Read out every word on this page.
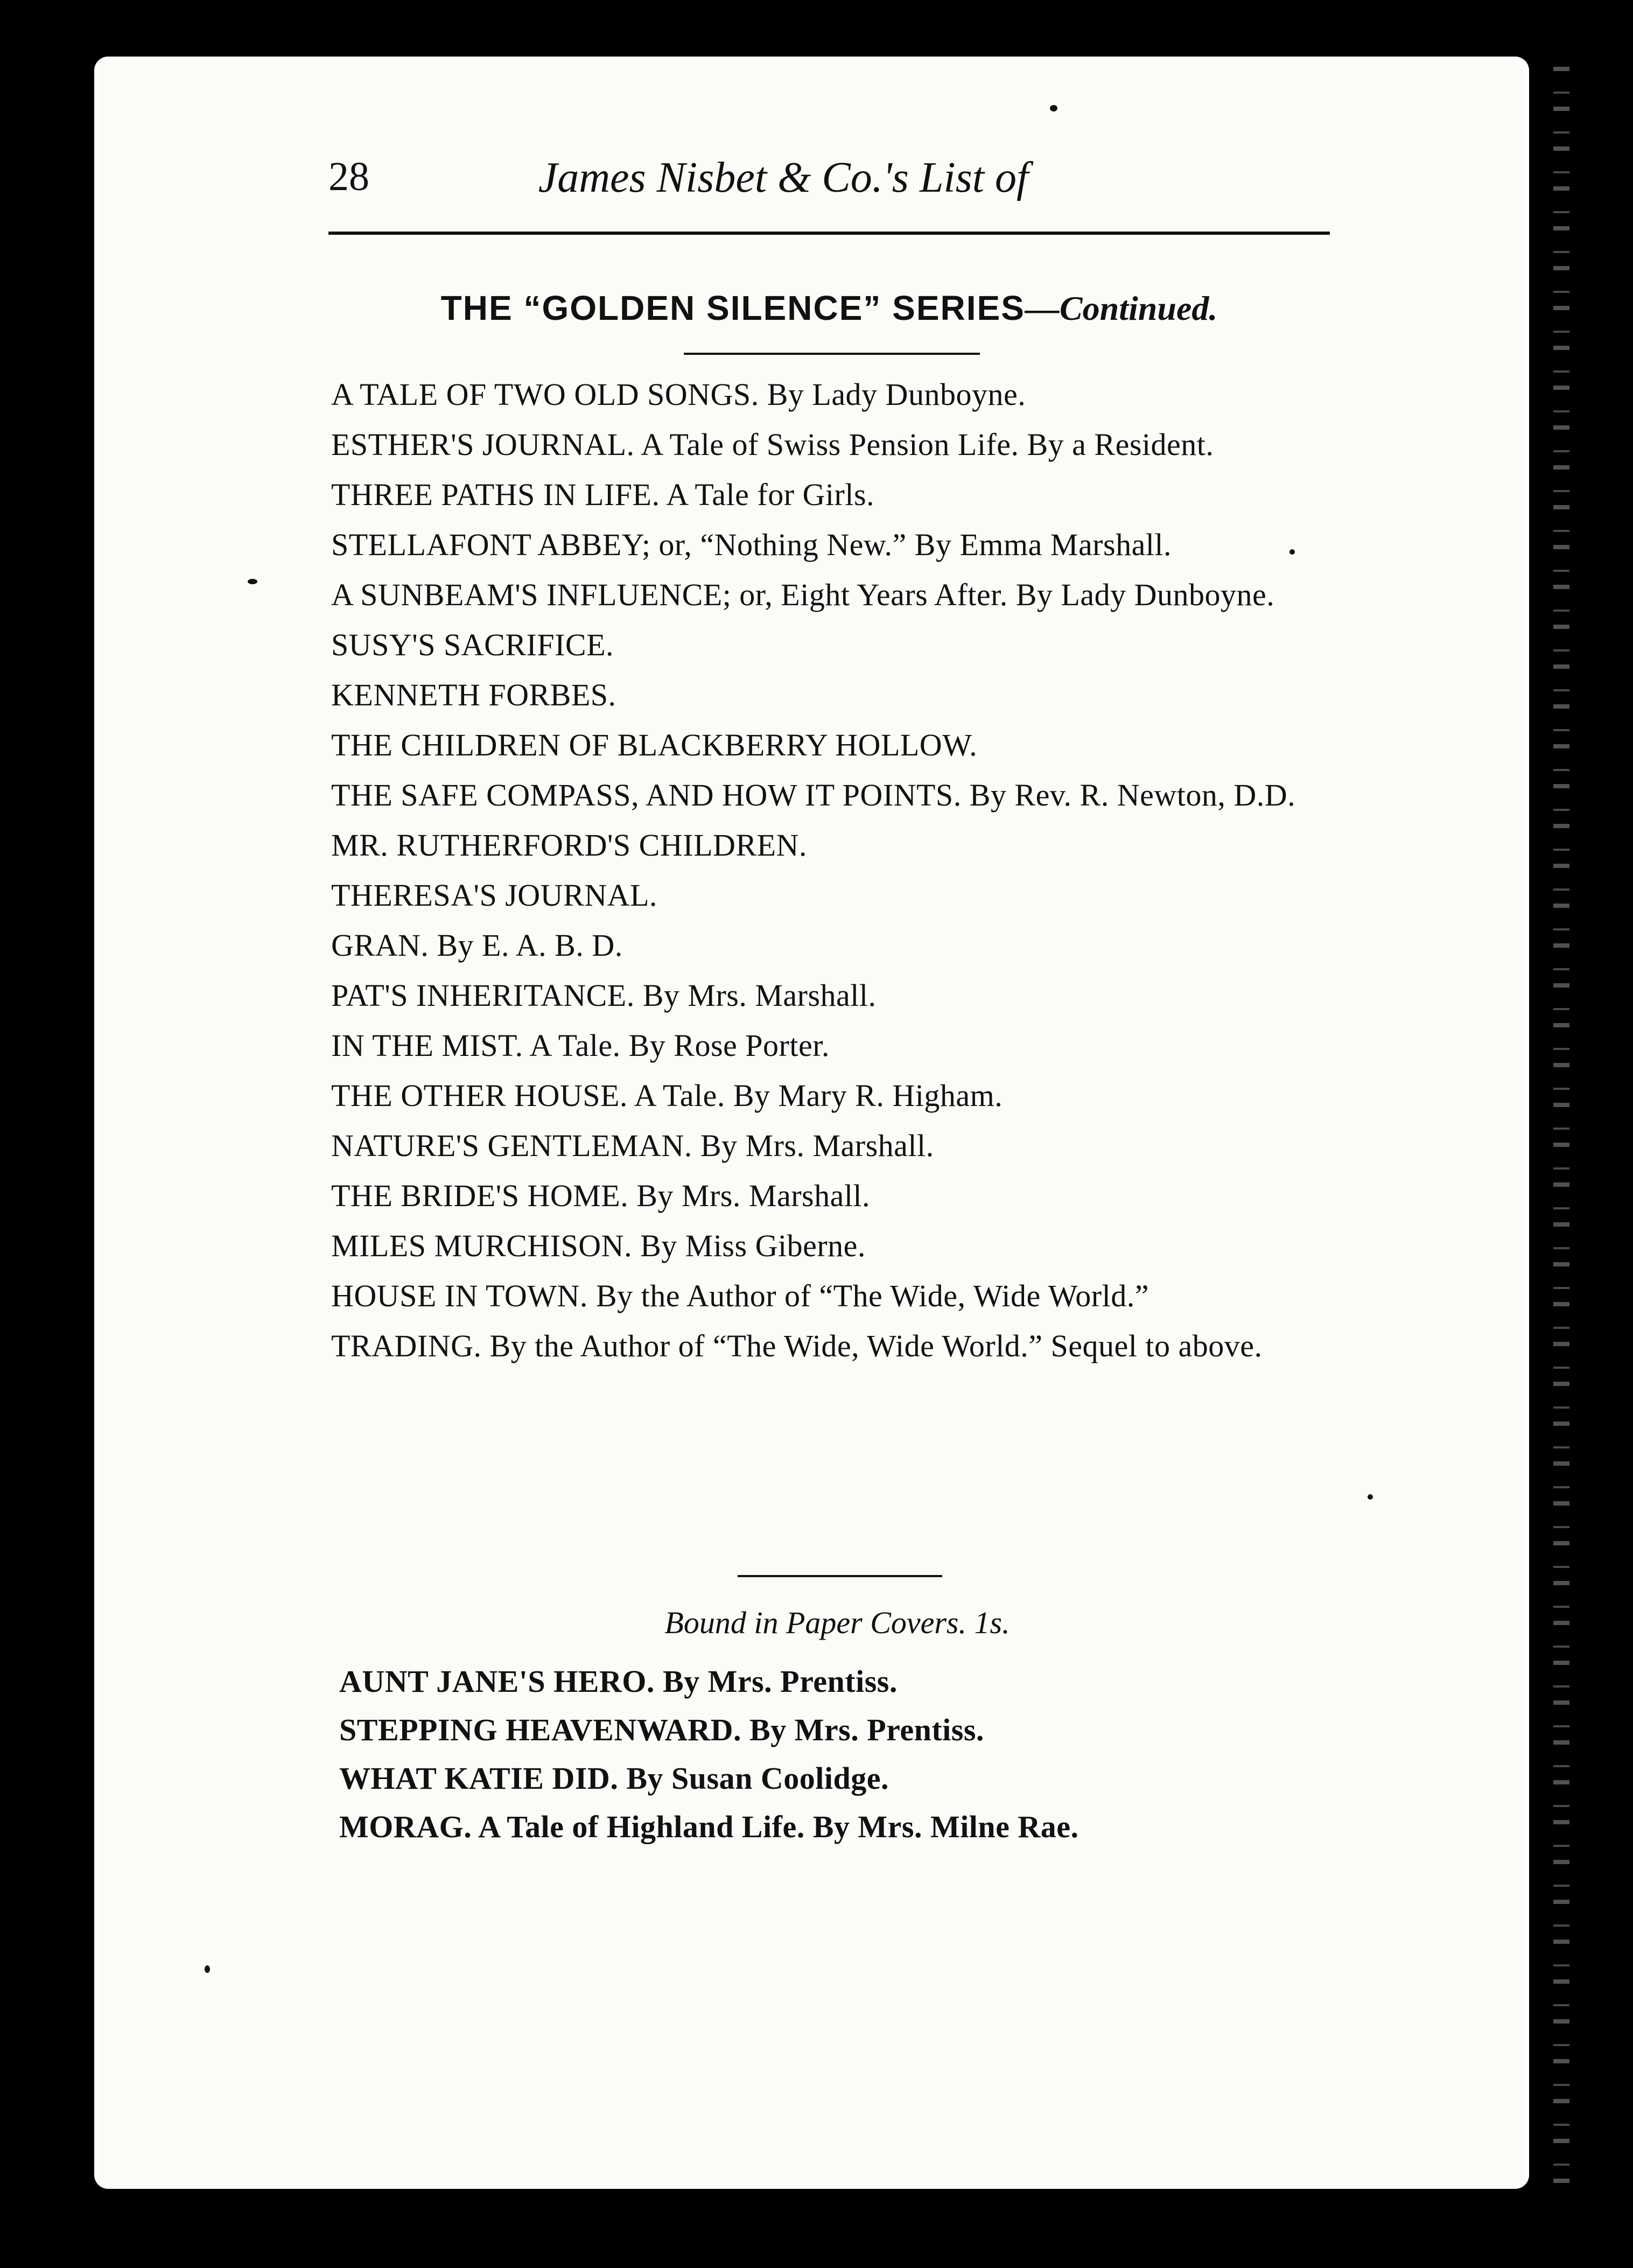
28	James Nisbet & Co.'s List of
THE “GOLDEN SILENCE” SERIES—Continued.
A TALE OF TWO OLD SONGS. By Lady Dunboyne.
ESTHER'S JOURNAL. A Tale of Swiss Pension Life. By a Resident.
THREE PATHS IN LIFE. A Tale for Girls.
STELLAFONT ABBEY; or, “Nothing New.” By Emma Marshall.
A SUNBEAM'S INFLUENCE; or, Eight Years After. By Lady Dunboyne.
SUSY'S SACRIFICE.
KENNETH FORBES.
THE CHILDREN OF BLACKBERRY HOLLOW.
THE SAFE COMPASS, AND HOW IT POINTS. By Rev. R. Newton, D.D.
MR. RUTHERFORD'S CHILDREN.
THERESA'S JOURNAL.
GRAN. By E. A. B. D.
PAT'S INHERITANCE. By Mrs. Marshall.
IN THE MIST. A Tale. By Rose Porter.
THE OTHER HOUSE. A Tale. By Mary R. Higham.
NATURE'S GENTLEMAN. By Mrs. Marshall.
THE BRIDE'S HOME. By Mrs. Marshall.
MILES MURCHISON. By Miss Giberne.
HOUSE IN TOWN. By the Author of “The Wide, Wide World.”
TRADING. By the Author of “The Wide, Wide World.” Sequel to above.
Bound in Paper Covers. 1s.
AUNT JANE'S HERO. By Mrs. Prentiss.
STEPPING HEAVENWARD. By Mrs. Prentiss.
WHAT KATIE DID. By Susan Coolidge.
MORAG. A Tale of Highland Life. By Mrs. Milne Rae.
